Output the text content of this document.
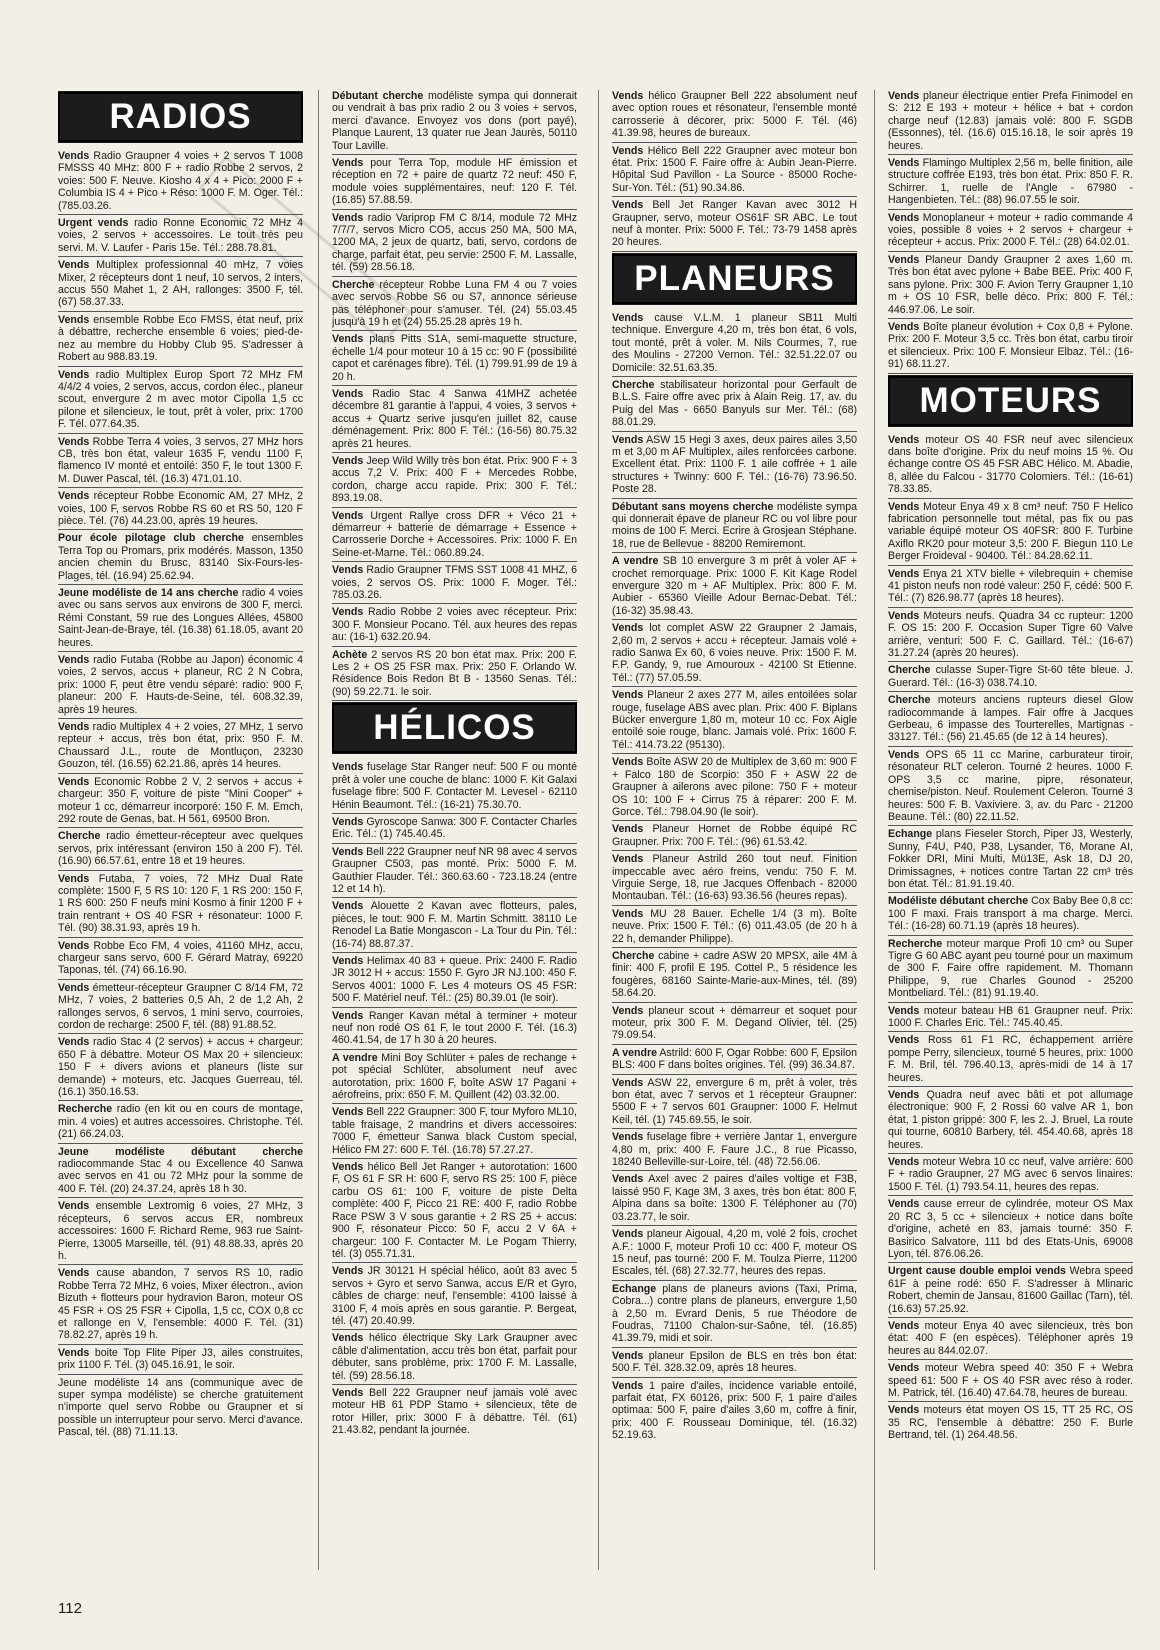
RADIOS
Vends Radio Graupner 4 voies + 2 servos T 1008 FMSSS 40 MHz: 800 F + radio Robbe 2 servos, 2 voies: 500 F. Neuve. Kiosho 4 x 4 + Pico: 2000 F + Columbia IS 4 + Pico + Réso: 1000 F. M. Oger. Tél.: (785.03.26.
Urgent vends radio Ronne Economic 72 MHz 4 voies, 2 servos + accessoires. Le tout très peu servi. M. V. Laufer - Paris 15e. Tél.: 288.78.81.
Vends Multiplex professionnal 40 mHz, 7 voies Mixer, 2 récepteurs dont 1 neuf, 10 servos, 2 inters, accus 550 Mahet 1, 2 AH, rallonges: 3500 F, tél. (67) 58.37.33.
Vends ensemble Robbe Eco FMSS, état neuf, prix à débattre, recherche ensemble 6 voies; pied-de-nez au membre du Hobby Club 95. S'adresser à Robert au 988.83.19.
Vends radio Multiplex Europ Sport 72 MHz FM 4/4/2 4 voies, 2 servos, accus, cordon élec., planeur scout, envergure 2 m avec motor Cipolla 1,5 cc pilone et silencieux, le tout, prêt à voler, prix: 1700 F. Tél. 077.64.35.
Vends Robbe Terra 4 voies, 3 servos, 27 MHz hors CB, très bon état, valeur 1635 F, vendu 1100 F, flamenco IV monté et entoilé: 350 F, le tout 1300 F. M. Duwer Pascal, tél. (16.3) 471.01.10.
Vends récepteur Robbe Economic AM, 27 MHz, 2 voies, 100 F, servos Robbe RS 60 et RS 50, 120 F pièce. Tél. (76) 44.23.00, après 19 heures.
Pour école pilotage club cherche ensembles Terra Top ou Promars, prix modérés. Masson, 1350 ancien chemin du Brusc, 83140 Six-Fours-les-Plages, tél. (16.94) 25.62.94.
Jeune modéliste de 14 ans cherche radio 4 voies avec ou sans servos aux environs de 300 F, merci. Rémi Constant, 59 rue des Longues Allées, 45800 Saint-Jean-de-Braye, tél. (16.38) 61.18.05, avant 20 heures.
Vends radio Futaba (Robbe au Japon) économic 4 voies, 2 servos, accus + planeur, RC 2 N Cobra, prix: 1000 F, peut être vendu séparé: radio: 900 F, planeur: 200 F. Hauts-de-Seine, tél. 608.32.39, après 19 heures.
Vends radio Multiplex 4 + 2 voies, 27 MHz, 1 servo repteur + accus, très bon état, prix: 950 F. M. Chaussard J.L., route de Montluçon, 23230 Gouzon, tél. (16.55) 62.21.86, après 14 heures.
Vends Economic Robbe 2 V, 2 servos + accus + chargeur: 350 F, voiture de piste "Mini Cooper" + moteur 1 cc, démarreur incorporé: 150 F. M. Emch, 292 route de Genas, bat. H 561, 69500 Bron.
Cherche radio émetteur-récepteur avec quelques servos, prix intéressant (environ 150 à 200 F). Tél. (16.90) 66.57.61, entre 18 et 19 heures.
Vends Futaba, 7 voies, 72 MHz Dual Rate complète: 1500 F, 5 RS 10: 120 F, 1 RS 200: 150 F, 1 RS 600: 250 F neufs mini Kosmo à finir 1200 F + train rentrant + OS 40 FSR + résonateur: 1000 F. Tél. (90) 38.31.93, après 19 h.
Vends Robbe Eco FM, 4 voies, 41160 MHz, accu, chargeur sans servo, 600 F. Gérard Matray, 69220 Taponas, tél. (74) 66.16.90.
Vends émetteur-récepteur Graupner C 8/14 FM, 72 MHz, 7 voies, 2 batteries 0,5 Ah, 2 de 1,2 Ah, 2 rallonges servos, 6 servos, 1 mini servo, courroies, cordon de recharge: 2500 F, tél. (88) 91.88.52.
Vends radio Stac 4 (2 servos) + accus + chargeur: 650 F à débattre. Moteur OS Max 20 + silencieux: 150 F + divers avions et planeurs (liste sur demande) + moteurs, etc. Jacques Guerreau, tél. (16.1) 350.16.53.
Recherche radio (en kit ou en cours de montage, min. 4 voies) et autres accessoires. Christophe. Tél. (21) 66.24.03.
Jeune modéliste débutant cherche radiocommande Stac 4 ou Excellence 40 Sanwa avec servos en 41 ou 72 MHz pour la somme de 400 F. Tél. (20) 24.37.24, après 18 h 30.
Vends ensemble Lextromig 6 voies, 27 MHz, 3 récepteurs, 6 servos accus ER, nombreux accessoires: 1600 F. Richard Reme, 963 rue Saint-Pierre, 13005 Marseille, tél. (91) 48.88.33, après 20 h.
Vends cause abandon, 7 servos RS 10, radio Robbe Terra 72 MHz, 6 voies, Mixer électron., avion Bizuth + flotteurs pour hydravion Baron, moteur OS 45 FSR + OS 25 FSR + Cipolla, 1,5 cc, COX 0,8 cc et rallonge en V, l'ensemble: 4000 F. Tél. (31) 78.82.27, après 19 h.
Vends boite Top Flite Piper J3, ailes construites, prix 1100 F. Tél. (3) 045.16.91, le soir.
Jeune modéliste 14 ans (communique avec de super sympa modéliste) se cherche gratuitement n'importe quel servo Robbe ou Graupner et si possible un interrupteur pour servo. Merci d'avance. Pascal, tél. (88) 71.11.13.
Débutant cherche modéliste sympa qui donnerait ou vendrait à bas prix radio 2 ou 3 voies + servos, merci d'avance. Envoyez vos dons (port payé), Planque Laurent, 13 quater rue Jean Jaurès, 50110 Tour Laville.
Vends pour Terra Top, module HF émission et réception en 72 + paire de quartz 72 neuf: 450 F, module voies supplémentaires, neuf: 120 F. Tél. (16.85) 57.88.59.
Vends radio Variprop FM C 8/14, module 72 MHz 7/7/7, servos Micro CO5, accus 250 MA, 500 MA, 1200 MA, 2 jeux de quartz, bati, servo, cordons de charge, parfait état, peu servie: 2500 F. M. Lassalle, tél. (59) 28.56.18.
Cherche récepteur Robbe Luna FM 4 ou 7 voies avec servos Robbe S6 ou S7, annonce sérieuse pas téléphoner pour s'amuser. Tél. (24) 55.03.45 jusqu'à 19 h et (24) 55.25.28 après 19 h.
Vends plans Pitts S1A, semi-maquette structure, échelle 1/4 pour moteur 10 à 15 cc: 90 F (possibilité capot et carénages fibre). Tél. (1) 799.91.99 de 19 à 20 h.
Vends Radio Stac 4 Sanwa 41MHZ achetée décembre 81 garantie à l'appui, 4 voies, 3 servos + accus + Quartz serive jusqu'en juillet 82, cause déménagement. Prix: 800 F. Tél.: (16-56) 80.75.32 après 21 heures.
Vends Jeep Wild Willy très bon état. Prix: 900 F + 3 accus 7,2 V. Prix: 400 F + Mercedes Robbe, cordon, charge accu rapide. Prix: 300 F. Tél.: 893.19.08.
Vends Urgent Rallye cross DFR + Véco 21 + démarreur + batterie de démarrage + Essence + Carrosserie Dorche + Accessoires. Prix: 1000 F. En Seine-et-Marne. Tél.: 060.89.24.
Vends Radio Graupner TFMS SST 1008 41 MHZ, 6 voies, 2 servos OS. Prix: 1000 F. Moger. Tél.: 785.03.26.
Vends Radio Robbe 2 voies avec récepteur. Prix: 300 F. Monsieur Pocano. Tél. aux heures des repas au: (16-1) 632.20.94.
Achète 2 servos RS 20 bon état max. Prix: 200 F. Les 2 + OS 25 FSR max. Prix: 250 F. Orlando W. Résidence Bois Redon Bt B - 13560 Senas. Tél.: (90) 59.22.71. le soir.
HÉLICOS
Vends fuselage Star Ranger neuf: 500 F ou monté prêt à voler une couche de blanc: 1000 F. Kit Galaxi fuselage fibre: 500 F. Contacter M. Levesel - 62110 Hénin Beaumont. Tél.: (16-21) 75.30.70.
Vends Gyroscope Sanwa: 300 F. Contacter Charles Eric. Tél.: (1) 745.40.45.
Vends Bell 222 Graupner neuf NR 98 avec 4 servos Graupner C503, pas monté. Prix: 5000 F. M. Gauthier Flauder. Tél.: 360.63.60 - 723.18.24 (entre 12 et 14 h).
Vends Alouette 2 Kavan avec flotteurs, pales, pièces, le tout: 900 F. M. Martin Schmitt. 38110 Le Renodel La Batie Mongascon - La Tour du Pin. Tél.: (16-74) 88.87.37.
Vends Helimax 40 83 + queue. Prix: 2400 F. Radio JR 3012 H + accus: 1550 F. Gyro JR NJ.100: 450 F. Servos 4001: 1000 F. Les 4 moteurs OS 45 FSR: 500 F. Matériel neuf. Tél.: (25) 80.39.01 (le soir).
Vends Ranger Kavan métal à terminer + moteur neuf non rodé OS 61 F, le tout 2000 F. Tél. (16.3) 460.41.54, de 17 h 30 à 20 heures.
A vendre Mini Boy Schlüter + pales de rechange + pot spécial Schlüter, absolument neuf avec autorotation, prix: 1600 F, boîte ASW 17 Pagani + aérofreins, prix: 650 F. M. Quillent (42) 03.32.00.
Vends Bell 222 Graupner: 300 F, tour Myforo ML10, table fraisage, 2 mandrins et divers accessoires: 7000 F, émetteur Sanwa black Custom special, Hélico FM 27: 600 F. Tél. (16.78) 57.27.27.
Vends hélico Bell Jet Ranger + autorotation: 1600 F, OS 61 F SR H: 600 F, servo RS 25: 100 F, pièce carbu OS 61: 100 F, voiture de piste Delta complète: 400 F, Picco 21 RE: 400 F, radio Robbe Race PSW 3 V sous garantie + 2 RS 25 + accus: 900 F, résonateur Picco: 50 F, accu 2 V 6A + chargeur: 100 F. Contacter M. Le Pogam Thierry, tél. (3) 055.71.31.
Vends JR 30121 H spécial hélico, août 83 avec 5 servos + Gyro et servo Sanwa, accus E/R et Gyro, câbles de charge: neuf, l'ensemble: 4100 laissé à 3100 F, 4 mois après en sous garantie. P. Bergeat, tél. (47) 20.40.99.
Vends hélico électrique Sky Lark Graupner avec câble d'alimentation, accu très bon état, parfait pour débuter, sans problème, prix: 1700 F. M. Lassalle, tél. (59) 28.56.18.
Vends Bell 222 Graupner neuf jamais volé avec moteur HB 61 PDP Stamo + silencieux, tête de rotor Hiller, prix: 3000 F à débattre. Tél. (61) 21.43.82, pendant la journée.
Vends hélico Graupner Bell 222 absolument neuf avec option roues et résonateur, l'ensemble monté carrosserie à décorer, prix: 5000 F. Tél. (46) 41.39.98, heures de bureaux.
Vends Hélico Bell 222 Graupner avec moteur bon état. Prix: 1500 F. Faire offre à: Aubin Jean-Pierre. Hôpital Sud Pavillon - La Source - 85000 Roche-Sur-Yon. Tél.: (51) 90.34.86.
Vends Bell Jet Ranger Kavan avec 3012 H Graupner, servo, moteur OS61F SR ABC. Le tout neuf à monter. Prix: 5000 F. Tél.: 73-79 1458 après 20 heures.
PLANEURS
Vends cause V.L.M. 1 planeur SB11 Multi technique. Envergure 4,20 m, très bon état, 6 vols, tout monté, prêt à voler. M. Nils Courmes, 7, rue des Moulins - 27200 Vernon. Tél.: 32.51.22.07 ou Domicile: 32.51.63.35.
Cherche stabilisateur horizontal pour Gerfault de B.L.S. Faire offre avec prix à Alain Reig. 17, av. du Puig del Mas - 6650 Banyuls sur Mer. Tél.: (68) 88.01.29.
Vends ASW 15 Hegi 3 axes, deux paires ailes 3,50 m et 3,00 m AF Multiplex, ailes renforcées carbone. Excellent état. Prix: 1100 F. 1 aile coffrée + 1 aile structures + Twinny: 600 F. Tél.: (16-76) 73.96.50. Poste 28.
Débutant sans moyens cherche modéliste sympa qui donnerait épave de planeur RC ou vol libre pour moins de 100 F. Merci. Ecrire à Grosjean Stéphane. 18, rue de Bellevue - 88200 Remiremont.
A vendre SB 10 envergure 3 m prêt à voler AF + crochet remorquage. Prix: 1000 F. Kit Kage Rodel envergure 320 m + AF Multiplex. Prix: 800 F. M. Aubier - 65360 Vieille Adour Bernac-Debat. Tél.: (16-32) 35.98.43.
Vends lot complet ASW 22 Graupner 2 Jamais, 2,60 m, 2 servos + accu + récepteur. Jamais volé + radio Sanwa Ex 60, 6 voies neuve. Prix: 1500 F. M. F.P. Gandy, 9, rue Amouroux - 42100 St Etienne. Tél.: (77) 57.05.59.
Vends Planeur 2 axes 277 M, ailes entoilées solar rouge, fuselage ABS avec plan. Prix: 400 F. Biplans Bücker envergure 1,80 m, moteur 10 cc. Fox Aigle entoilé soie rouge, blanc. Jamais volé. Prix: 1600 F. Tél.: 414.73.22 (95130).
Vends Boîte ASW 20 de Multiplex de 3,60 m: 900 F + Falco 180 de Scorpio: 350 F + ASW 22 de Graupner à ailerons avec pilone: 750 F + moteur OS 10: 100 F + Cirrus 75 à réparer: 200 F. M. Gorce. Tél.: 798.04.90 (le soir).
Vends Planeur Hornet de Robbe équipé RC Graupner. Prix: 700 F. Tél.: (96) 61.53.42.
Vends Planeur Astrild 260 tout neuf. Finition impeccable avec aéro freins, vendu: 750 F. M. Virguie Serge, 18, rue Jacques Offenbach - 82000 Montauban. Tél.: (16-63) 93.36.56 (heures repas).
Vends MU 28 Bauer. Echelle 1/4 (3 m). Boîte neuve. Prix: 1500 F. Tél.: (6) 011.43.05 (de 20 h à 22 h, demander Philippe).
Cherche cabine + cadre ASW 20 MPSX, aile 4M à finir: 400 F, profil E 195. Cottel P., 5 résidence les fougères, 68160 Sainte-Marie-aux-Mines, tél. (89) 58.64.20.
Vends planeur scout + démarreur et soquet pour moteur, prix 300 F. M. Degand Olivier, tél. (25) 79.09.54.
A vendre Astrild: 600 F, Ogar Robbe: 600 F, Epsilon BLS: 400 F dans boîtes origines. Tél. (99) 36.34.87.
Vends ASW 22, envergure 6 m, prêt à voler, très bon état, avec 7 servos et 1 récepteur Graupner: 5500 F + 7 servos 601 Graupner: 1000 F. Helmut Keil, tél. (1) 745.69.55, le soir.
Vends fuselage fibre + verrière Jantar 1, envergure 4,80 m, prix: 400 F. Faure J.C., 8 rue Picasso, 18240 Belleville-sur-Loire, tél. (48) 72.56.06.
Vends Axel avec 2 paires d'ailes voltige et F3B, laissé 950 F, Kage 3M, 3 axes, très bon état: 800 F, Alpina dans sa boîte: 1300 F. Téléphoner au (70) 03.23.77, le soir.
Vends planeur Aigoual, 4,20 m, volé 2 fois, crochet A.F.: 1000 F, moteur Profi 10 cc: 400 F, moteur OS 15 neuf, pas tourné: 200 F. M. Toulza Pierre, 11200 Escales, tél. (68) 27.32.77, heures des repas.
Echange plans de planeurs avions (Taxi, Prima, Cobra...) contre plans de planeurs, envergure 1,50 à 2,50 m. Evrard Denis, 5 rue Théodore de Foudras, 71100 Chalon-sur-Saône, tél. (16.85) 41.39.79, midi et soir.
Vends planeur Epsilon de BLS en très bon état: 500 F. Tél. 328.32.09, après 18 heures.
Vends 1 paire d'ailes, incidence variable entoilé, parfait état, FX 60126, prix: 500 F, 1 paire d'ailes optimaa: 500 F, paire d'ailes 3,60 m, coffre à finir, prix: 400 F. Rousseau Dominique, tél. (16.32) 52.19.63.
Vends planeur électrique entier Prefa Finimodel en S: 212 E 193 + moteur + hélice + bat + cordon charge neuf (12.83) jamais volé: 800 F. SGDB (Essonnes), tél. (16.6) 015.16.18, le soir après 19 heures.
Vends Flamingo Multiplex 2,56 m, belle finition, aile structure coffrée E193, très bon état. Prix: 850 F. R. Schirrer. 1, ruelle de l'Angle - 67980 - Hangenbieten. Tél.: (88) 96.07.55 le soir.
Vends Monoplaneur + moteur + radio commande 4 voies, possible 8 voies + 2 servos + chargeur + récepteur + accus. Prix: 2000 F. Tél.: (28) 64.02.01.
Vends Planeur Dandy Graupner 2 axes 1,60 m. Très bon état avec pylone + Babe BEE. Prix: 400 F, sans pylone. Prix: 300 F. Avion Terry Graupner 1,10 m + OS 10 FSR, belle déco. Prix: 800 F. Tél.: 446.97.06. Le soir.
Vends Boîte planeur évolution + Cox 0,8 + Pylone. Prix: 200 F. Moteur 3,5 cc. Très bon état, carbu tiroir et silencieux. Prix: 100 F. Monsieur Elbaz. Tél.: (16-91) 68.11.27.
MOTEURS
Vends moteur OS 40 FSR neuf avec silencieux dans boîte d'origine. Prix du neuf moins 15 %. Ou échange contre OS 45 FSR ABC Hélico. M. Abadie, 8, allée du Falcou - 31770 Colomiers. Tél.: (16-61) 78.33.85.
Vends Moteur Enya 49 x 8 cm³ neuf: 750 F Helico fabrication personnelle tout métal, pas fix ou pas variable équipé moteur OS 40FSR: 800 F. Turbine Axiflo RK20 pour moteur 3,5: 200 F. Biegun 110 Le Berger Froideval - 90400. Tél.: 84.28.62.11.
Vends Enya 21 XTV bielle + vilebrequin + chemise 41 piston neufs non rodé valeur: 250 F, cédé: 500 F. Tél.: (7) 826.98.77 (après 18 heures).
Vends Moteurs neufs. Quadra 34 cc rupteur: 1200 F. OS 15: 200 F. Occasion Super Tigre 60 Valve arrière, venturi: 500 F. C. Gaillard. Tél.: (16-67) 31.27.24 (après 20 heures).
Cherche culasse Super-Tigre St-60 tête bleue. J. Guerard. Tél.: (16-3) 038.74.10.
Cherche moteurs anciens rupteurs diesel Glow radiocommande à lampes. Fair offre à Jacques Gerbeau, 6 impasse des Tourterelles, Martignas - 33127. Tél.: (56) 21.45.65 (de 12 à 14 heures).
Vends OPS 65 11 cc Marine, carburateur tiroir, résonateur RLT celeron. Tourné 2 heures. 1000 F. OPS 3,5 cc marine, pipre, résonateur, chemise/piston. Neuf. Roulement Celeron. Tourné 3 heures: 500 F. B. Vaxiviere. 3, av. du Parc - 21200 Beaune. Tél.: (80) 22.11.52.
Echange plans Fieseler Storch, Piper J3, Westerly, Sunny, F4U, P40, P38, Lysander, T6, Morane AI, Fokker DRI, Mini Multi, Mü13E, Ask 18, DJ 20, Drimissagnes, + notices contre Tartan 22 cm³ très bon état. Tél.: 81.91.19.40.
Modéliste débutant cherche Cox Baby Bee 0,8 cc: 100 F maxi. Frais transport à ma charge. Merci. Tél.: (16-28) 60.71.19 (après 18 heures).
Recherche moteur marque Profi 10 cm³ ou Super Tigre G 60 ABC ayant peu tourné pour un maximum de 300 F. Faire offre rapidement. M. Thomann Philippe, 9, rue Charles Gounod - 25200 Montbeliard. Tél.: (81) 91.19.40.
Vends moteur bateau HB 61 Graupner neuf. Prix: 1000 F. Charles Eric. Tél.: 745.40.45.
Vends Ross 61 F1 RC, échappement arrière pompe Perry, silencieux, tourné 5 heures, prix: 1000 F. M. Bril, tél. 796.40.13, après-midi de 14 à 17 heures.
Vends Quadra neuf avec bâti et pot allumage électronique: 900 F, 2 Rossi 60 valve AR 1, bon état, 1 piston grippé: 300 F, les 2. J. Bruel, La route qui tourne, 60810 Barbery, tél. 454.40.68, après 18 heures.
Vends moteur Webra 10 cc neuf, valve arrière: 600 F + radio Graupner, 27 MG avec 6 servos linaires: 1500 F. Tél. (1) 793.54.11, heures des repas.
Vends cause erreur de cylindrée, moteur OS Max 20 RC 3, 5 cc + silencieux + notice dans boîte d'origine, acheté en 83, jamais tourné: 350 F. Basirico Salvatore, 111 bd des Etats-Unis, 69008 Lyon, tél. 876.06.26.
Urgent cause double emploi vends Webra speed 61F à peine rodé: 650 F. S'adresser à Mlinaric Robert, chemin de Jansau, 81600 Gaillac (Tarn), tél. (16.63) 57.25.92.
Vends moteur Enya 40 avec silencieux, très bon état: 400 F (en espèces). Téléphoner après 19 heures au 844.02.07.
Vends moteur Webra speed 40: 350 F + Webra speed 61: 500 F + OS 40 FSR avec réso à roder. M. Patrick, tél. (16.40) 47.64.78, heures de bureau.
Vends moteurs état moyen OS 15, TT 25 RC, OS 35 RC, l'ensemble à débattre: 250 F. Burle Bertrand, tél. (1) 264.48.56.
112
